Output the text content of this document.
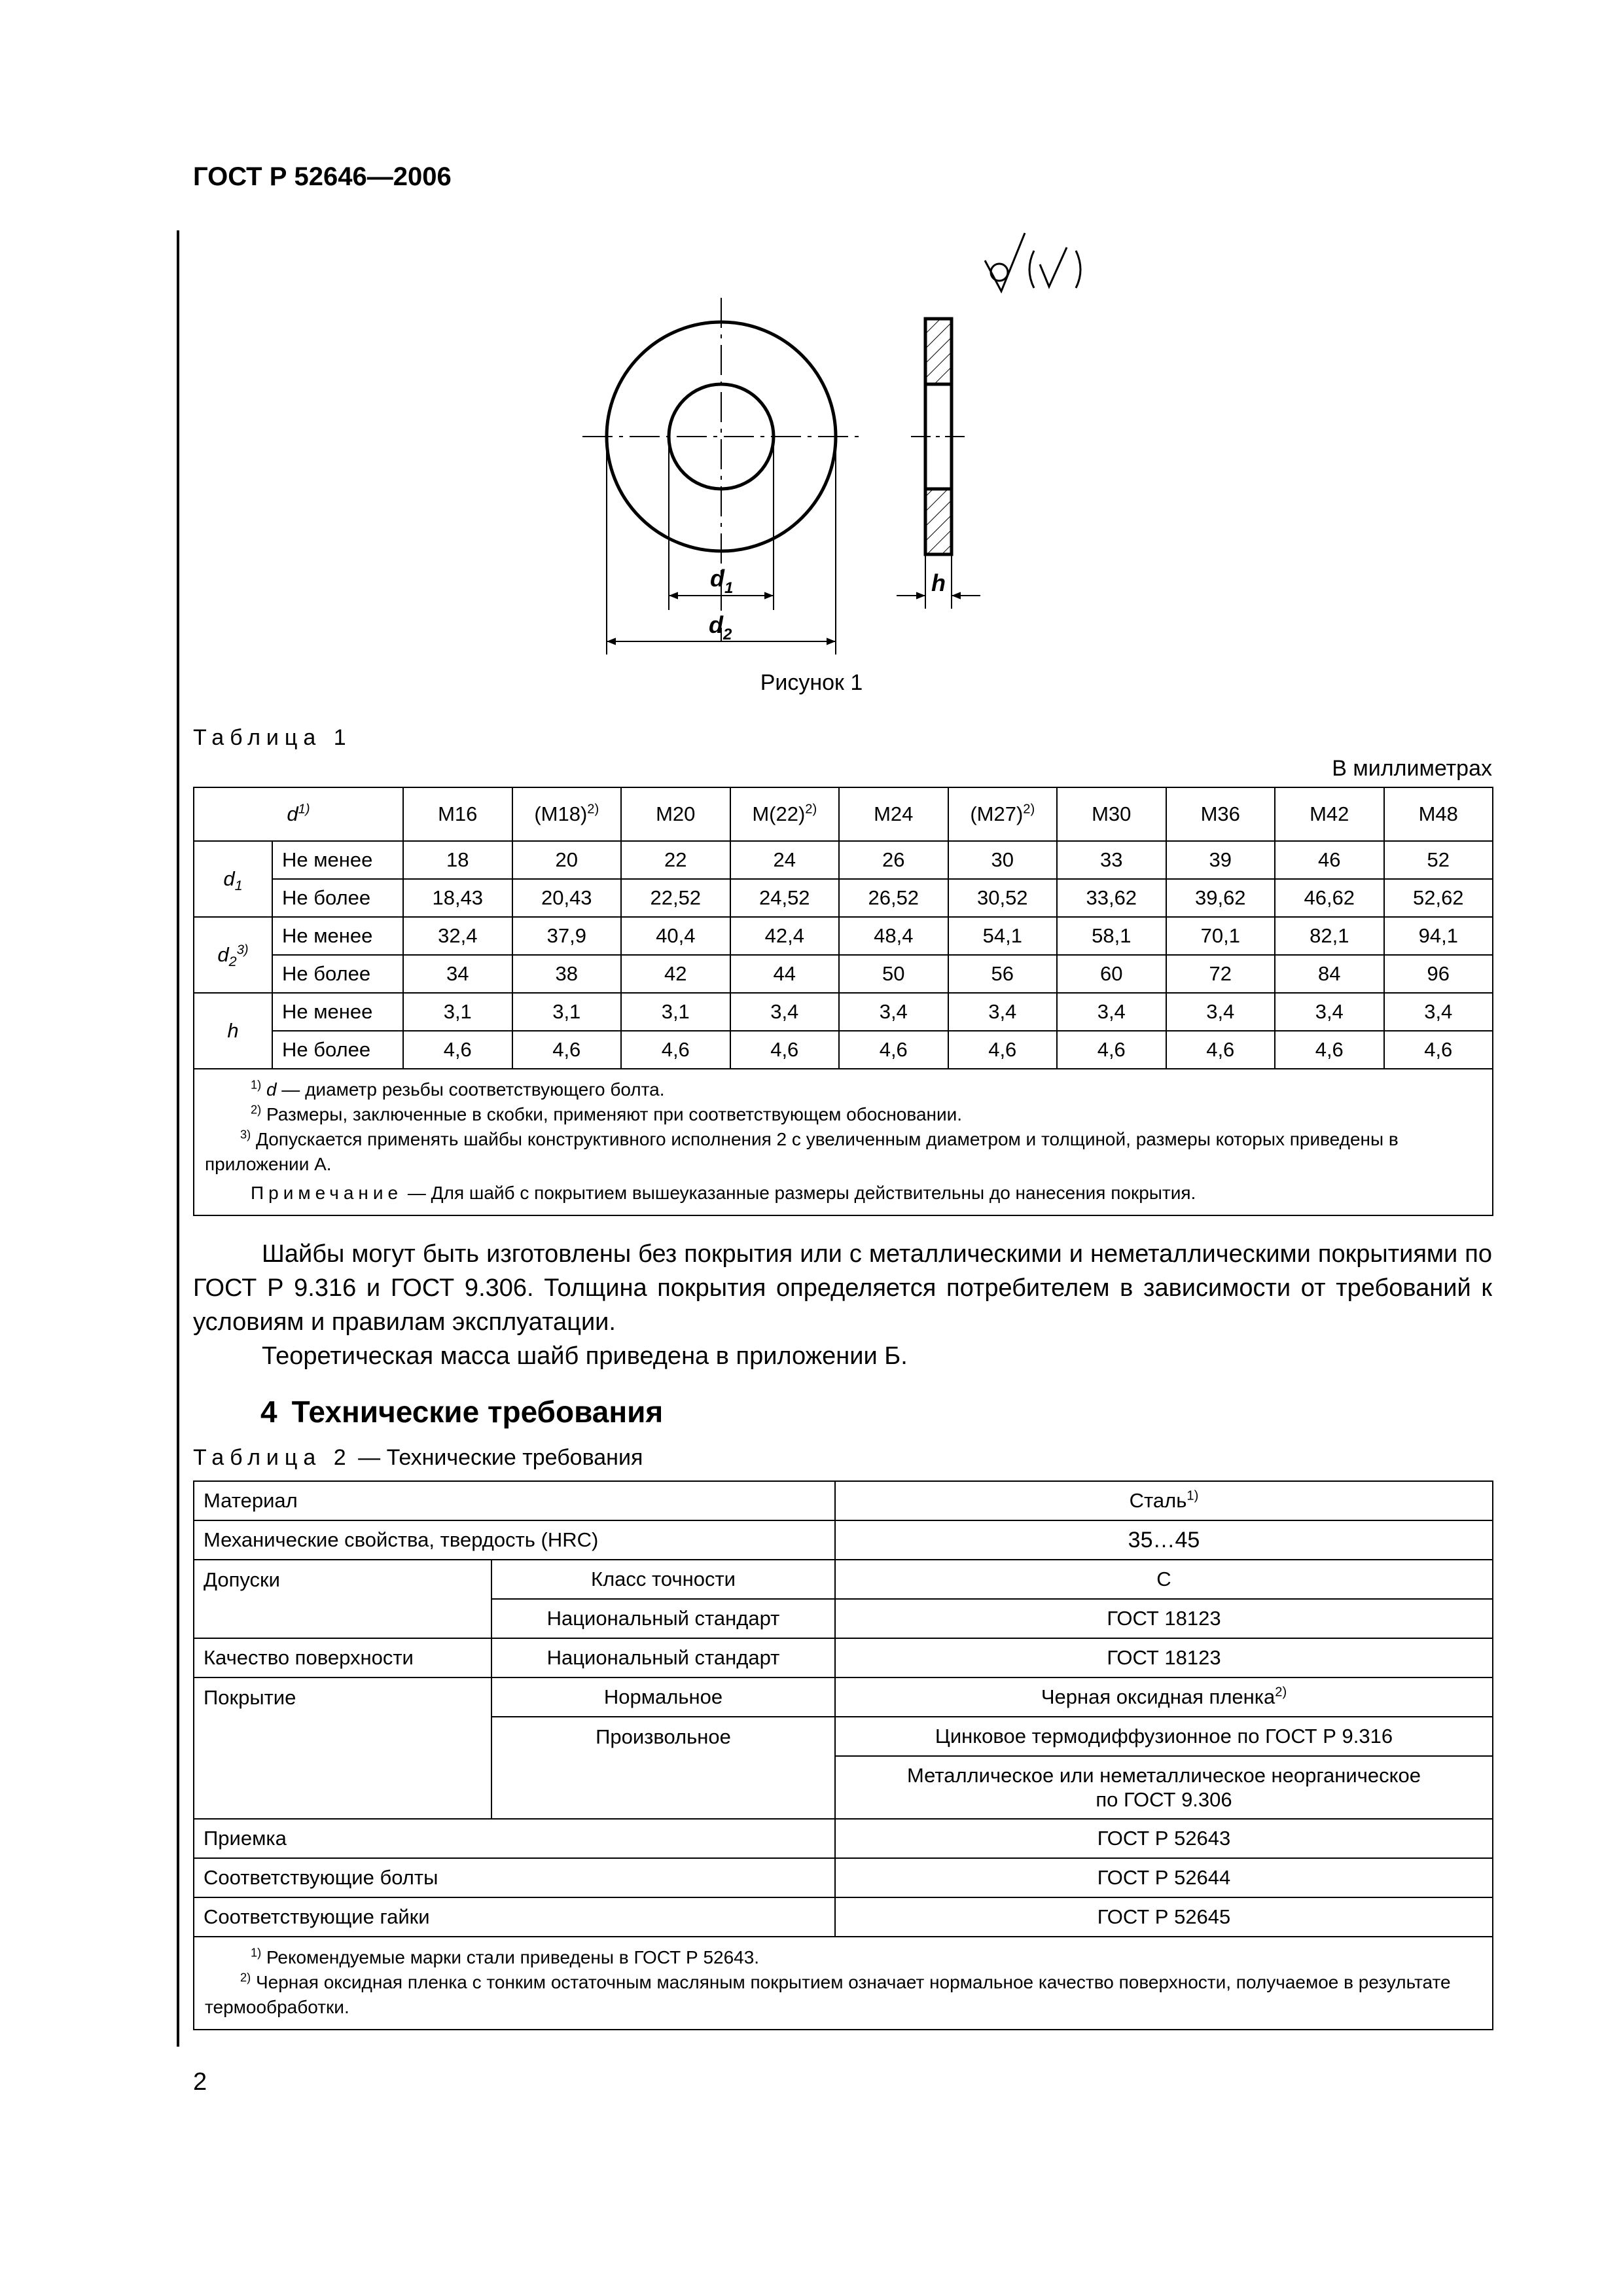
ГОСТ Р 52646—2006
$d_1$
$d_2$
h
Рисунок 1
Таблица 1
В миллиметрах
$d^{1)}$		M16	$(M18)^{2)}$	M20	$M(22)^{2)}$	M24	$(M27)^{2)}$	M30	M36	M42	M48
$d_1$	Не менее	18	20	22	24	26	30	33	39	46	52
	Не более	18,43	20,43	22,52	24,52	26,52	30,52	33,62	39,62	46,62	52,62
$d_2^{3)}$	Не менее	32,4	37,9	40,4	42,4	48,4	54,1	58,1	70,1	82,1	94,1
	Не более	34	38	42	44	50	56	60	72	84	96
h	Не менее	3,1	3,1	3,1	3,4	3,4	3,4	3,4	3,4	3,4	3,4
	Не более	4,6	4,6	4,6	4,6	4,6	4,6	4,6	4,6	4,6	4,6

$^{1)}$ d — диаметр резьбы соответствующего болта.
$^{2)}$ Размеры, заключенные в скобки, применяют при соответствующем обосновании.
$^{3)}$ Допускается применять шайбы конструктивного исполнения 2 с увеличенным диаметром и толщиной, размеры которых приведены в приложении А.
Примечание — Для шайб с покрытием вышеуказанные размеры действительны до нанесения покрытия.											

Шайбы могут быть изготовлены без покрытия или с металлическими и неметаллическими покрытиями по ГОСТ Р 9.316 и ГОСТ 9.306. Толщина покрытия определяется потребителем в зависимости от требований к условиям и правилам эксплуатации.

Теоретическая масса шайб приведена в приложении Б.

4 Технические требования
Таблица 2 — Технические требования
Материал		Сталь$^{1)}$
Механические свойства, твердость (HRC)		35…45
Допуски	Класс точности	C
	Национальный стандарт	ГОСТ 18123
Качество поверхности	Национальный стандарт	ГОСТ 18123
Покрытие	Нормальное	Черная оксидная пленка$^{2)}$
	Произвольное	Цинковое термодиффузионное по ГОСТ Р 9.316

		Металлическое или неметаллическое неорганическое
по ГОСТ 9.306

Приемка		ГОСТ Р 52643
Соответствующие болты		ГОСТ Р 52644
Соответствующие гайки		ГОСТ Р 52645

$^{1)}$ Рекомендуемые марки стали приведены в ГОСТ Р 52643.
$^{2)}$ Черная оксидная пленка с тонким остаточным масляным покрытием означает нормальное качество поверхности, получаемое в результате термообработки.		
2
